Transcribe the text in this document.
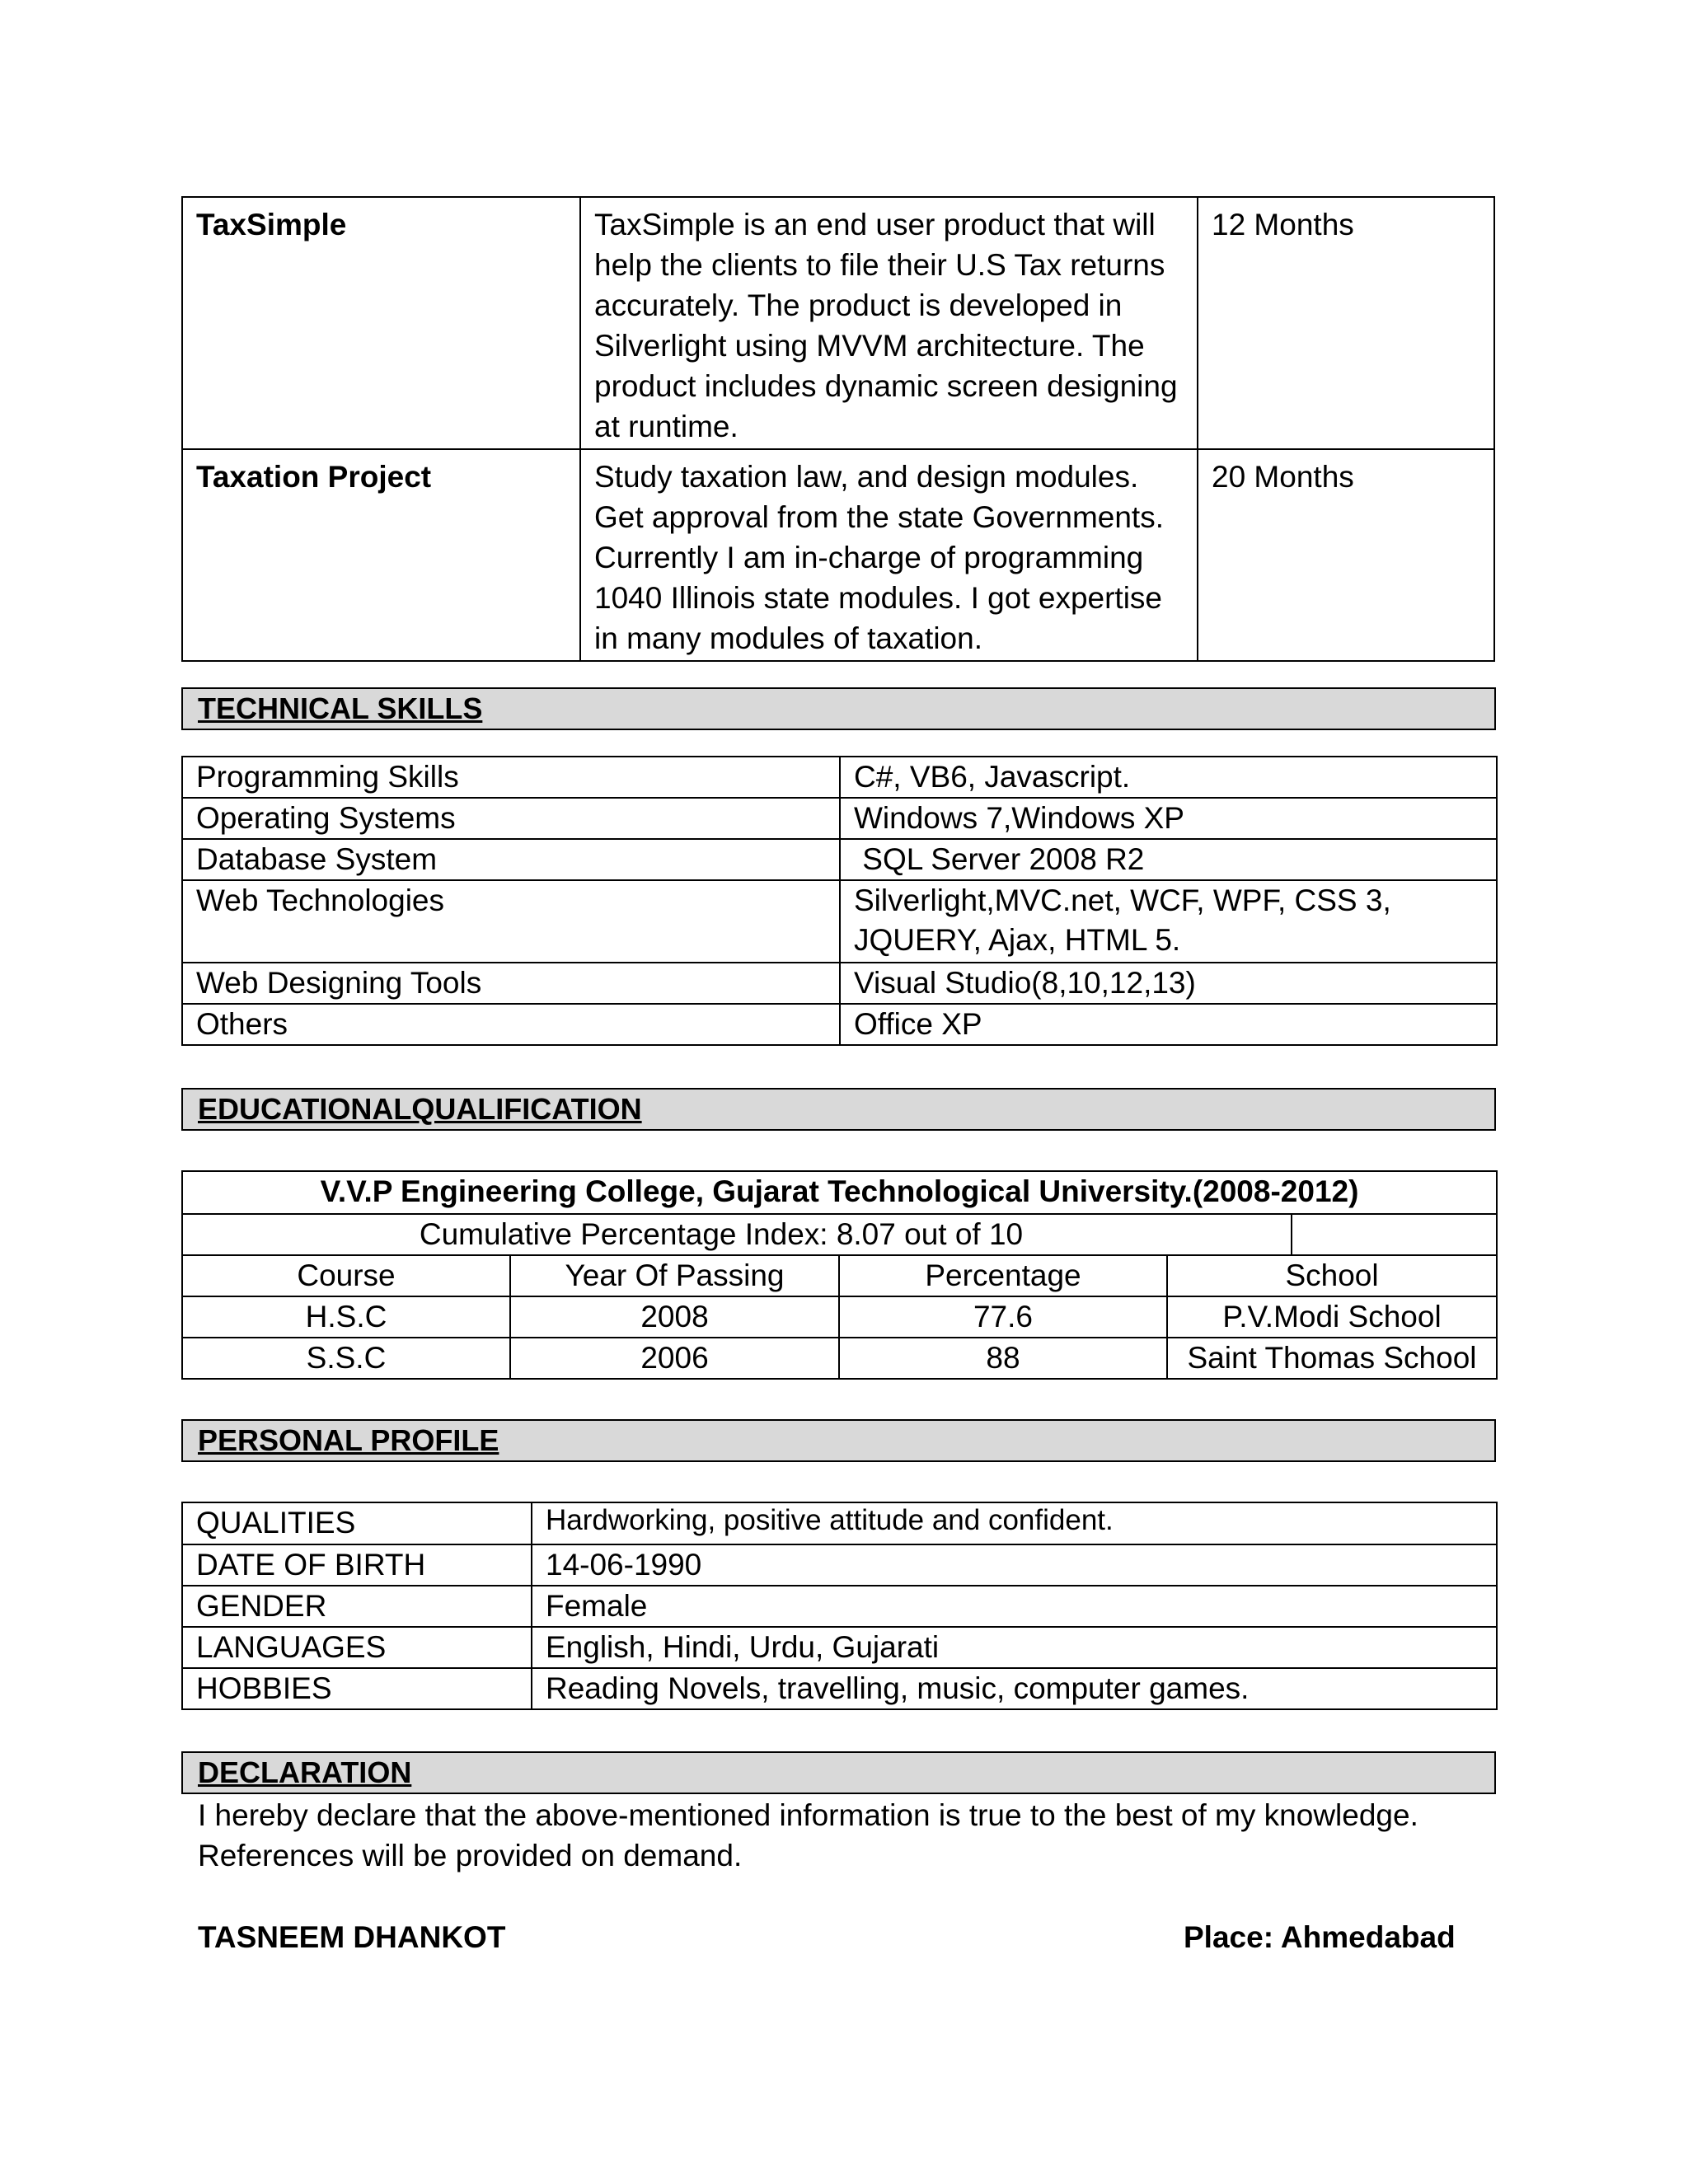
TaxSimple	TaxSimple is an end user product that will help the clients to file their U.S Tax returns accurately. The product is developed in Silverlight using MVVM architecture. The product includes dynamic screen designing at runtime.	12 Months
Taxation Project	Study taxation law, and design modules. Get approval from the state Governments. Currently I am in-charge of programming 1040 Illinois state modules. I got expertise in many modules of taxation.	20 Months
TECHNICAL SKILLS
Programming Skills	C#, VB6, Javascript.
Operating Systems	Windows 7,Windows XP
Database System	SQL Server 2008 R2
Web Technologies	Silverlight,MVC.net, WCF, WPF, CSS 3, JQUERY, Ajax, HTML 5.
Web Designing Tools	Visual Studio(8,10,12,13)
Others	Office XP
EDUCATIONALQUALIFICATION
V.V.P Engineering College, Gujarat Technological University.(2008-2012)			
Cumulative Percentage Index: 8.07 out of 10			

Course	Year Of Passing	Percentage	School
H.S.C	2008	77.6	P.V.Modi School
S.S.C	2006	88	Saint Thomas School
PERSONAL PROFILE
QUALITIES	Hardworking, positive attitude and confident.
DATE OF BIRTH	14-06-1990
GENDER	Female
LANGUAGES	English, Hindi, Urdu, Gujarati
HOBBIES	Reading Novels, travelling, music, computer games.
DECLARATION
I hereby declare that the above-mentioned information is true to the best of my knowledge. References will be provided on demand.
TASNEEM DHANKOT	Place: Ahmedabad
